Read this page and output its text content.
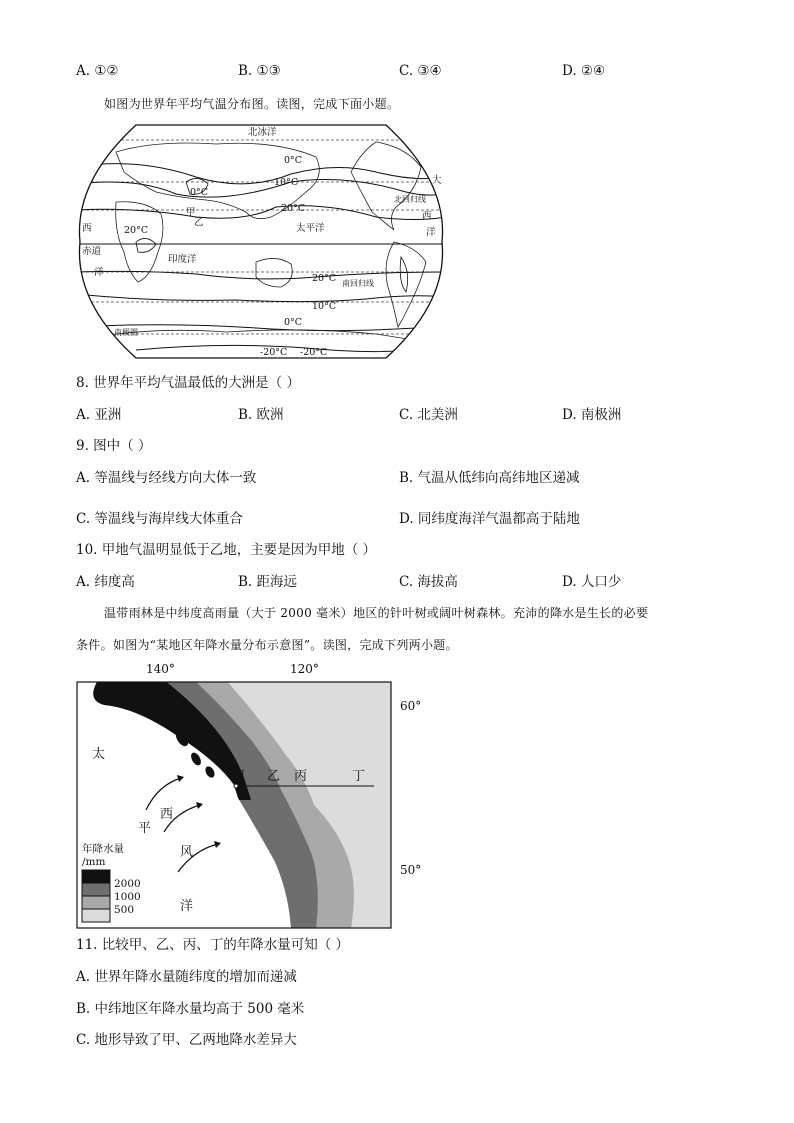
A. ①②	B. ①③	C. ③④	D. ②④
如图为世界年平均气温分布图。读图，完成下面小题。
北冰洋
0°C
10°C
0°C
20°C
甲
乙
20°C	太平洋
大
西
洋
北回归线
西
赤道
洋
印度洋
20°C 南回归线
10°C
0°C
南极圈
-20°C -20°C
8. 世界年平均气温最低的大洲是（ ）
A. 亚洲	B. 欧洲	C. 北美洲	D. 南极洲
9. 图中（ ）
A. 等温线与经线方向大体一致	B. 气温从低纬向高纬地区递减
C. 等温线与海岸线大体重合	D. 同纬度海洋气温都高于陆地
10. 甲地气温明显低于乙地，主要是因为甲地（ ）
A. 纬度高	B. 距海远	C. 海拔高	D. 人口少
温带雨林是中纬度高雨量（大于 2000 毫米）地区的针叶树或阔叶树森林。充沛的降水是生长的必要
条件。如图为“某地区年降水量分布示意图”。读图，完成下列两小题。
140°	120°
60°
50°
太
平
洋
西
风
甲 乙 丙	丁
年降水量
/mm
2000
1000
500
11. 比较甲、乙、丙、丁的年降水量可知（ ）
A. 世界年降水量随纬度的增加而递减
B. 中纬地区年降水量均高于 500 毫米
C. 地形导致了甲、乙两地降水差异大
